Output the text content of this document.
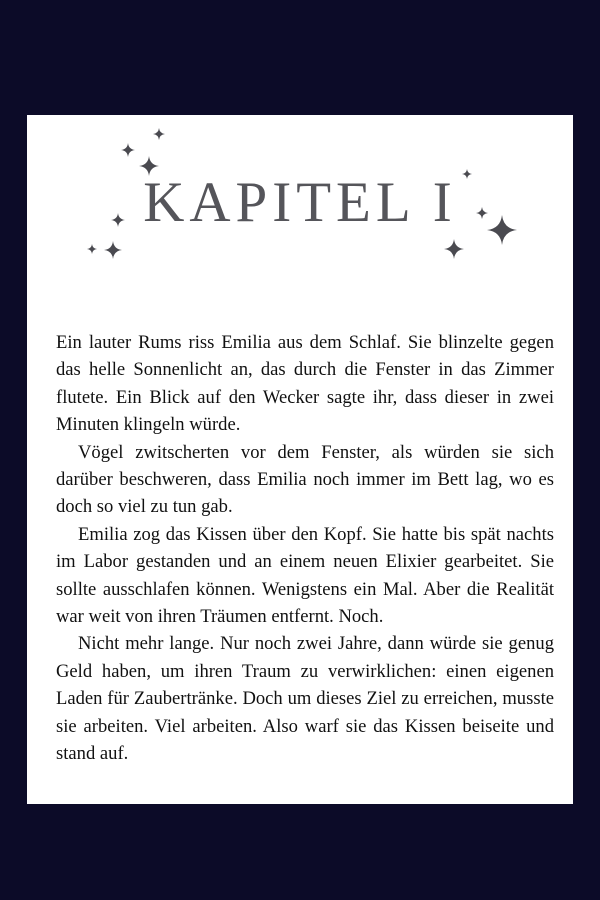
KAPITEL I

Ein lauter Rums riss Emilia aus dem Schlaf. Sie blinzelte gegen das helle Sonnenlicht an, das durch die Fenster in das Zimmer flutete. Ein Blick auf den Wecker sagte ihr, dass dieser in zwei Minuten klingeln würde.

Vögel zwitscherten vor dem Fenster, als würden sie sich darüber beschweren, dass Emilia noch immer im Bett lag, wo es doch so viel zu tun gab.

Emilia zog das Kissen über den Kopf. Sie hatte bis spät nachts im Labor gestanden und an einem neuen Elixier gearbeitet. Sie sollte ausschlafen können. Wenigstens ein Mal. Aber die Realität war weit von ihren Träumen entfernt. Noch.

Nicht mehr lange. Nur noch zwei Jahre, dann würde sie genug Geld haben, um ihren Traum zu verwirklichen: einen eigenen Laden für Zaubertränke. Doch um dieses Ziel zu erreichen, musste sie arbeiten. Viel arbeiten. Also warf sie das Kissen beiseite und stand auf.
